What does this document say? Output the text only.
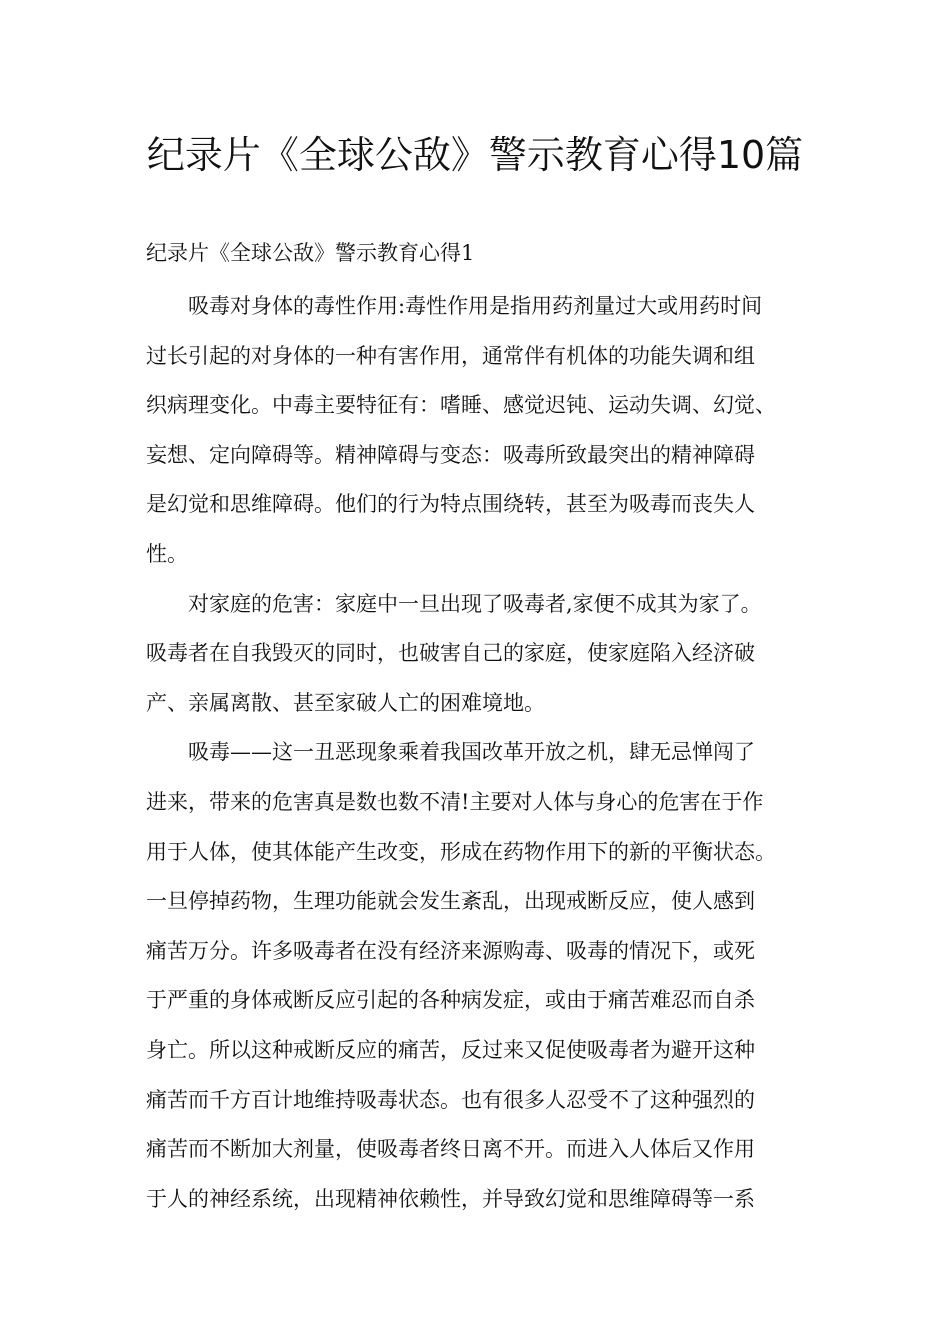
纪录片《全球公敌》警示教育心得10篇
纪录片《全球公敌》警示教育心得1

吸毒对身体的毒性作用:毒性作用是指用药剂量过大或用药时间

过长引起的对身体的一种有害作用，通常伴有机体的功能失调和组

织病理变化。中毒主要特征有：嗜睡、感觉迟钝、运动失调、幻觉、

妄想、定向障碍等。精神障碍与变态：吸毒所致最突出的精神障碍

是幻觉和思维障碍。他们的行为特点围绕转，甚至为吸毒而丧失人

性。

对家庭的危害：家庭中一旦出现了吸毒者,家便不成其为家了。

吸毒者在自我毁灭的同时，也破害自己的家庭，使家庭陷入经济破

产、亲属离散、甚至家破人亡的困难境地。

吸毒——这一丑恶现象乘着我国改革开放之机，肆无忌惮闯了

进来，带来的危害真是数也数不清!主要对人体与身心的危害在于作

用于人体，使其体能产生改变，形成在药物作用下的新的平衡状态。

一旦停掉药物，生理功能就会发生紊乱，出现戒断反应，使人感到

痛苦万分。许多吸毒者在没有经济来源购毒、吸毒的情况下，或死

于严重的身体戒断反应引起的各种病发症，或由于痛苦难忍而自杀

身亡。所以这种戒断反应的痛苦，反过来又促使吸毒者为避开这种

痛苦而千方百计地维持吸毒状态。也有很多人忍受不了这种强烈的

痛苦而不断加大剂量，使吸毒者终日离不开。而进入人体后又作用

于人的神经系统，出现精神依赖性，并导致幻觉和思维障碍等一系
